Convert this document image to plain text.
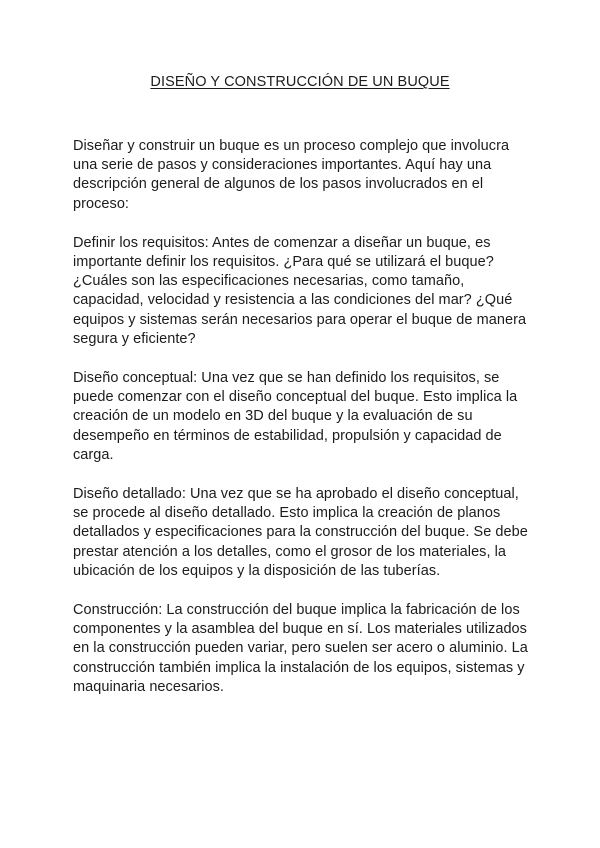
DISEÑO Y CONSTRUCCIÓN DE UN BUQUE

Diseñar y construir un buque es un proceso complejo que involucra una serie de pasos y consideraciones importantes. Aquí hay una descripción general de algunos de los pasos involucrados en el proceso:

Definir los requisitos: Antes de comenzar a diseñar un buque, es importante definir los requisitos. ¿Para qué se utilizará el buque? ¿Cuáles son las especificaciones necesarias, como tamaño, capacidad, velocidad y resistencia a las condiciones del mar? ¿Qué equipos y sistemas serán necesarios para operar el buque de manera segura y eficiente?

Diseño conceptual: Una vez que se han definido los requisitos, se puede comenzar con el diseño conceptual del buque. Esto implica la creación de un modelo en 3D del buque y la evaluación de su desempeño en términos de estabilidad, propulsión y capacidad de carga.

Diseño detallado: Una vez que se ha aprobado el diseño conceptual, se procede al diseño detallado. Esto implica la creación de planos detallados y especificaciones para la construcción del buque. Se debe prestar atención a los detalles, como el grosor de los materiales, la ubicación de los equipos y la disposición de las tuberías.

Construcción: La construcción del buque implica la fabricación de los componentes y la asamblea del buque en sí. Los materiales utilizados en la construcción pueden variar, pero suelen ser acero o aluminio. La construcción también implica la instalación de los equipos, sistemas y maquinaria necesarios.
